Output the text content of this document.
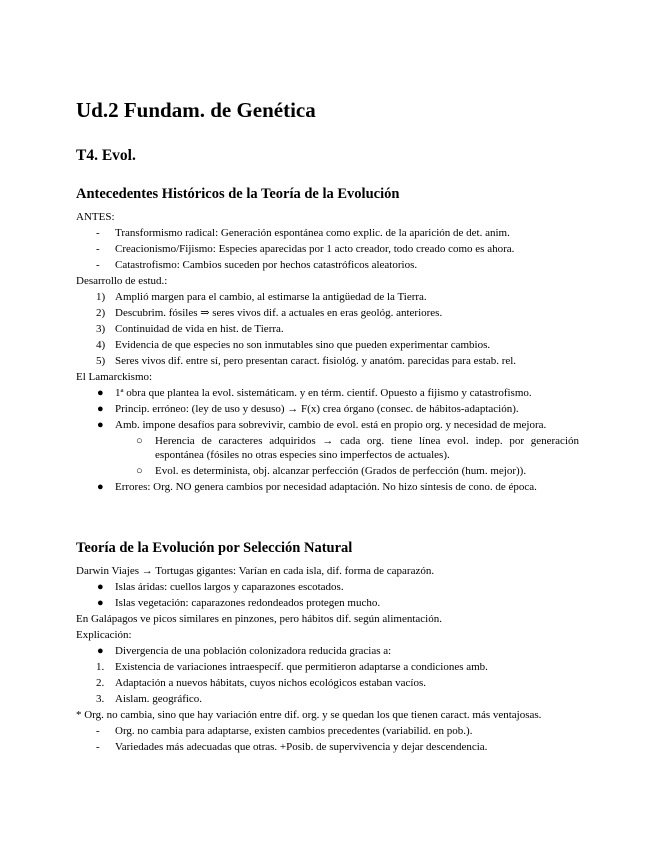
Ud.2 Fundam. de Genética
T4. Evol.
Antecedentes Históricos de la Teoría de la Evolución
ANTES:
- Transformismo radical: Generación espontánea como explic. de la aparición de det. anim.
- Creacionismo/Fijismo: Especies aparecidas por 1 acto creador, todo creado como es ahora.
- Catastrofismo: Cambios suceden por hechos catastróficos aleatorios.
Desarrollo de estud.:
1) Amplió margen para el cambio, al estimarse la antigüedad de la Tierra.
2) Descubrim. fósiles ⇒ seres vivos dif. a actuales en eras geológ. anteriores.
3) Continuidad de vida en hist. de Tierra.
4) Evidencia de que especies no son inmutables sino que pueden experimentar cambios.
5) Seres vivos dif. entre sí, pero presentan caract. fisiológ. y anatóm. parecidas para estab. rel.
El Lamarckismo:
● 1ª obra que plantea la evol. sistemáticam. y en térm. cientif. Opuesto a fijismo y catastrofismo.
● Princip. erróneo: (ley de uso y desuso) → F(x) crea órgano (consec. de hábitos-adaptación).
● Amb. impone desafíos para sobrevivir, cambio de evol. está en propio org. y necesidad de mejora.
○ Herencia de caracteres adquiridos → cada org. tiene línea evol. indep. por generación espontánea (fósiles no otras especies sino imperfectos de actuales).
○ Evol. es determinista, obj. alcanzar perfección (Grados de perfección (hum. mejor)).
● Errores: Org. NO genera cambios por necesidad adaptación. No hizo síntesis de cono. de época.
Teoría de la Evolución por Selección Natural
Darwin Viajes → Tortugas gigantes: Varían en cada isla, dif. forma de caparazón.
● Islas áridas: cuellos largos y caparazones escotados.
● Islas vegetación: caparazones redondeados protegen mucho.
En Galápagos ve picos similares en pinzones, pero hábitos dif. según alimentación.
Explicación:
● Divergencia de una población colonizadora reducida gracias a:
1. Existencia de variaciones intraespecíf. que permitieron adaptarse a condiciones amb.
2. Adaptación a nuevos hábitats, cuyos nichos ecológicos estaban vacíos.
3. Aislam. geográfico.
* Org. no cambia, sino que hay variación entre dif. org. y se quedan los que tienen caract. más ventajosas.
- Org. no cambia para adaptarse, existen cambios precedentes (variabilid. en pob.).
- Variedades más adecuadas que otras. +Posib. de supervivencia y dejar descendencia.
